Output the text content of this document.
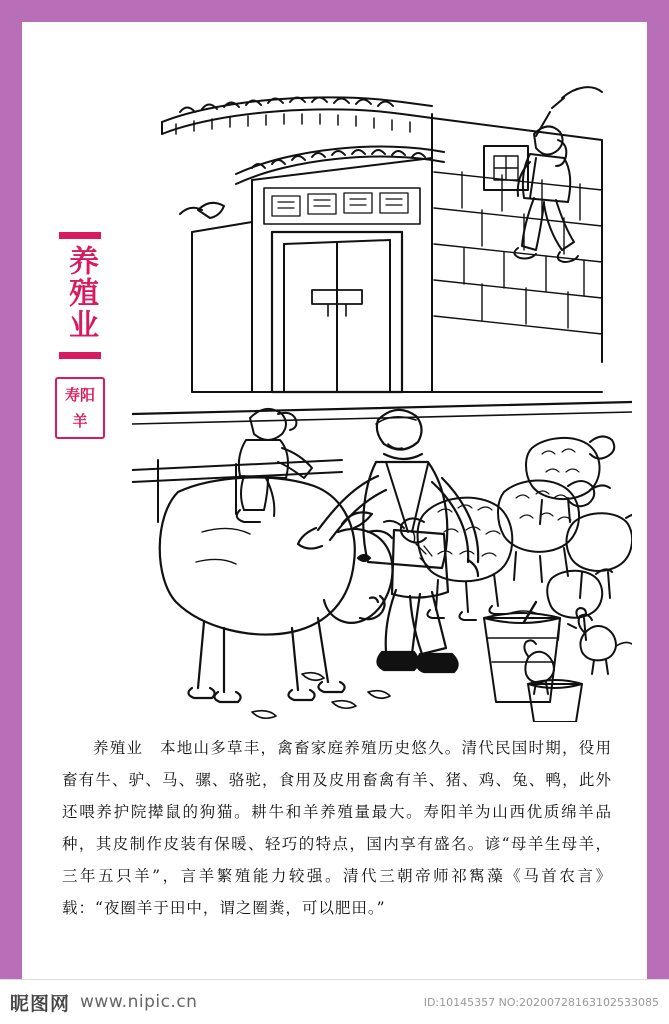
养殖业
寿阳
羊

养殖业　本地山多草丰，禽畜家庭养殖历史悠久。清代民国时期，役用畜有牛、驴、马、骡、骆驼，食用及皮用畜禽有羊、猪、鸡、兔、鸭，此外还喂养护院撵鼠的狗猫。耕牛和羊养殖量最大。寿阳羊为山西优质绵羊品种，其皮制作皮装有保暖、轻巧的特点，国内享有盛名。谚“母羊生母羊，三年五只羊”，言羊繁殖能力较强。清代三朝帝师祁寯藻《马首农言》载：“夜圈羊于田中，谓之圈粪，可以肥田。”

昵图网 www.nipic.cn	ID:10145357 NO:20200728163102533085
